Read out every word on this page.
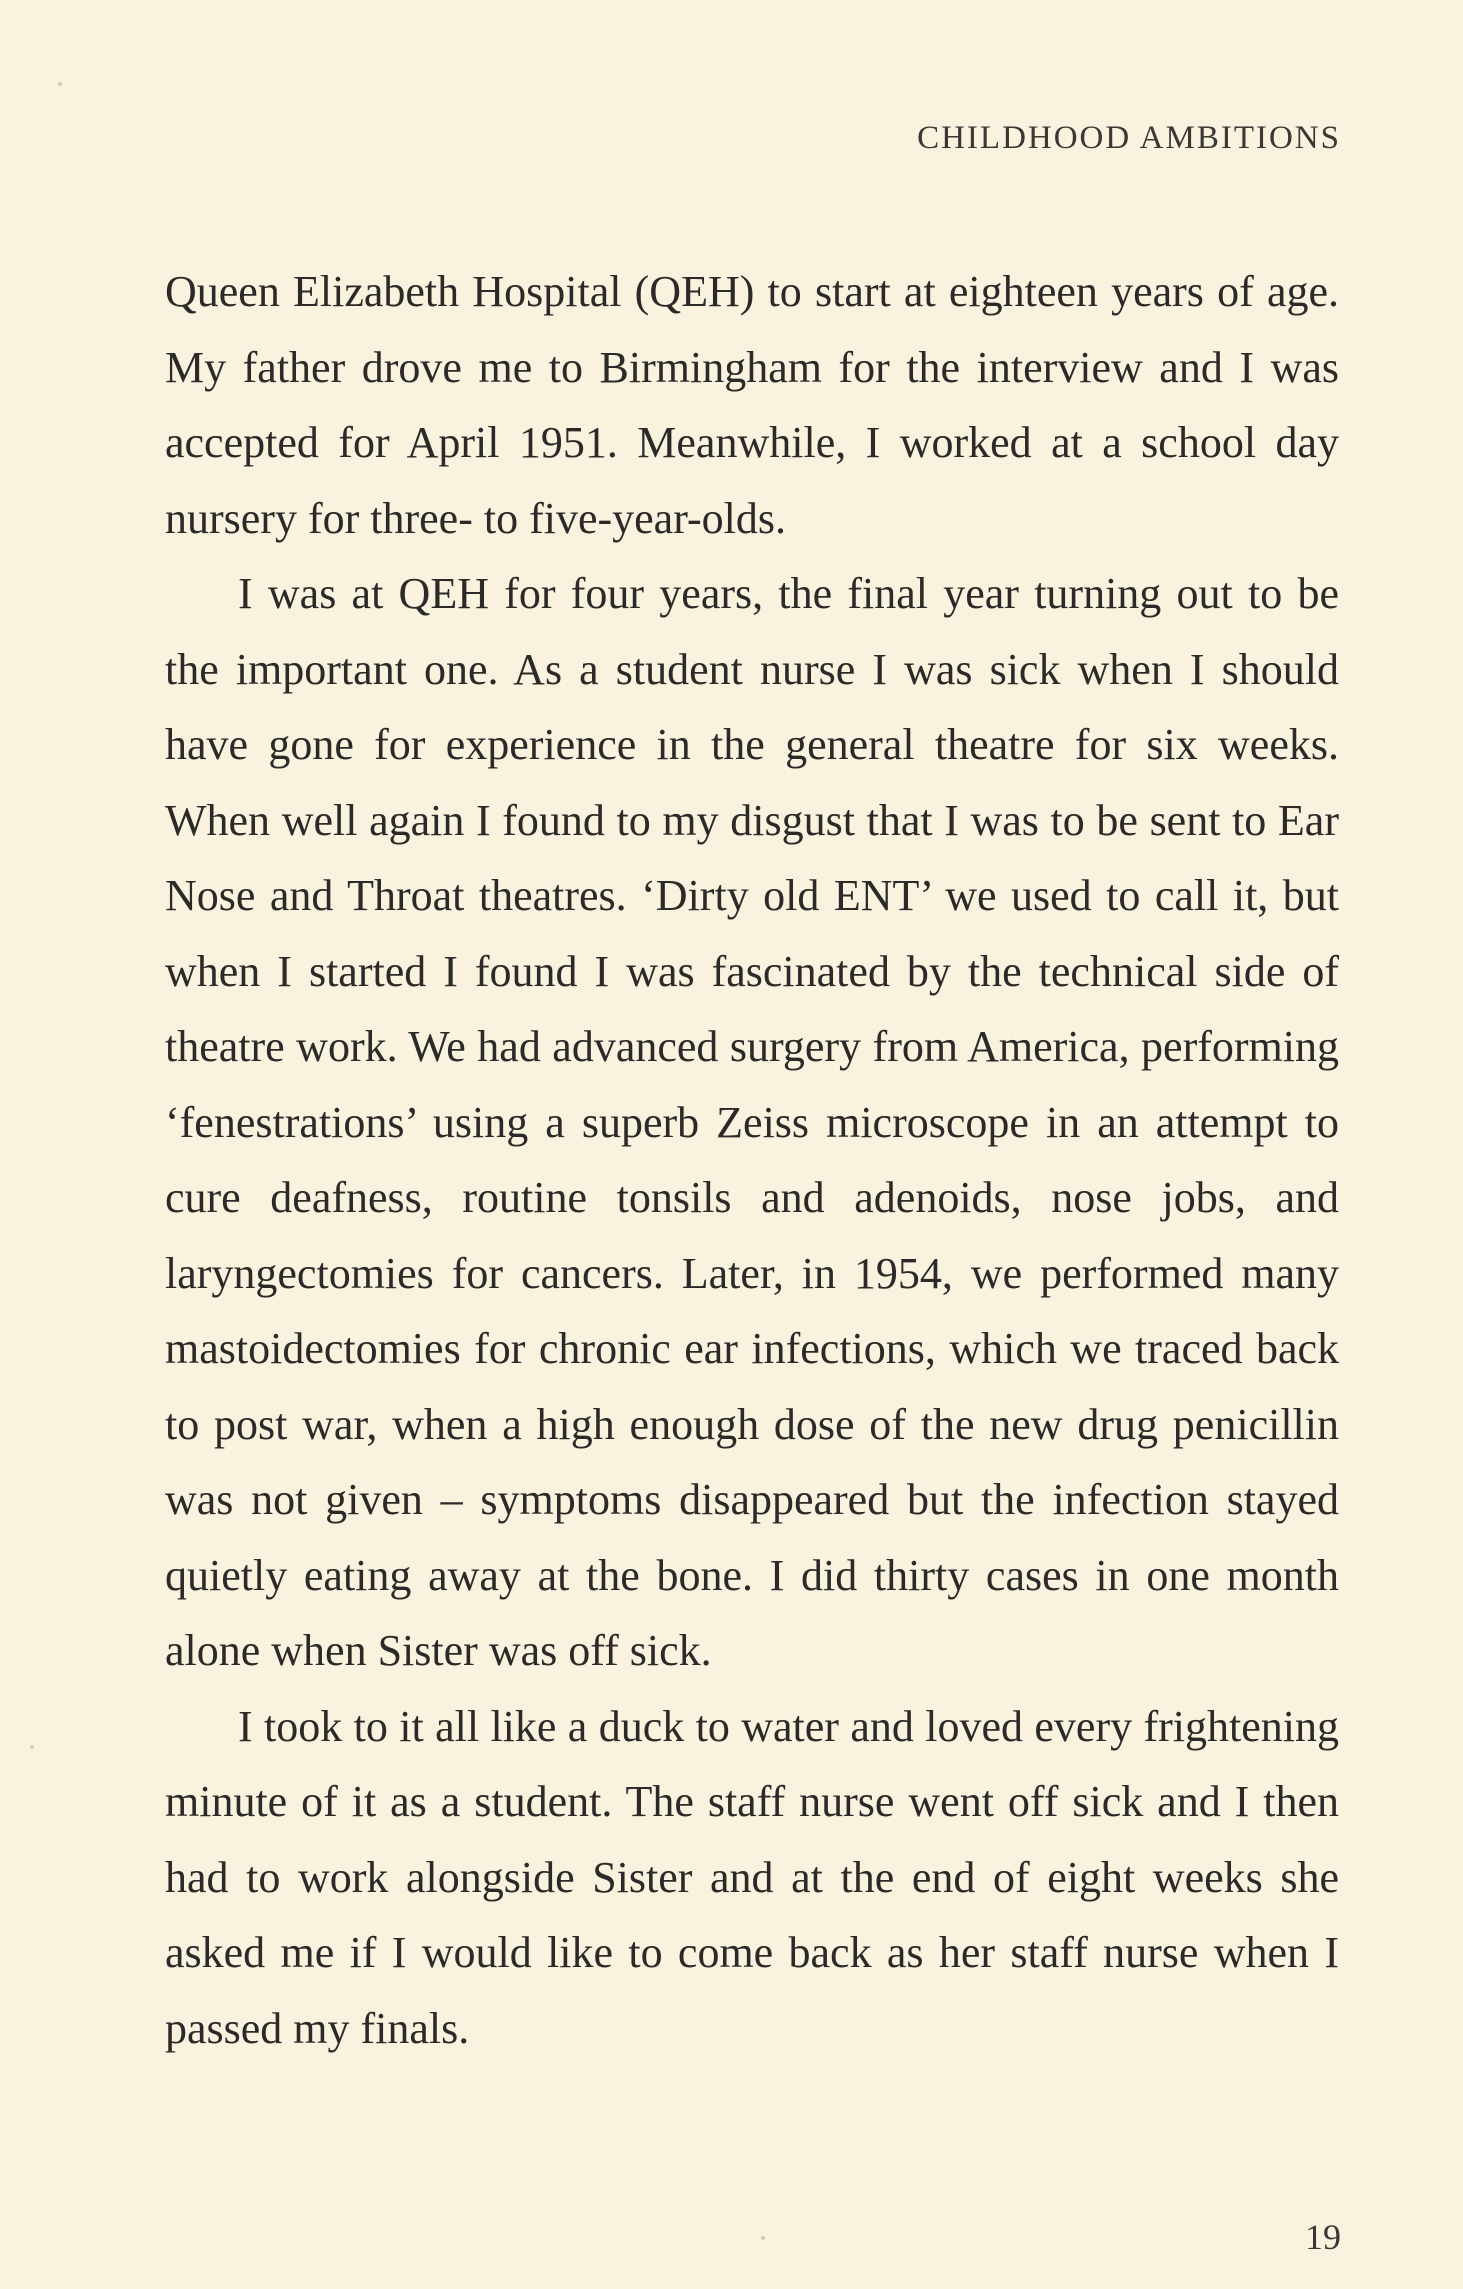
CHILDHOOD AMBITIONS

Queen Elizabeth Hospital (QEH) to start at eighteen years of age. My father drove me to Birmingham for the interview and I was accepted for April 1951. Meanwhile, I worked at a school day nursery for three- to five-year-olds.

I was at QEH for four years, the final year turning out to be the important one. As a student nurse I was sick when I should have gone for experience in the general theatre for six weeks. When well again I found to my disgust that I was to be sent to Ear Nose and Throat theatres. ‘Dirty old ENT’ we used to call it, but when I started I found I was fascinated by the technical side of theatre work. We had advanced surgery from America, performing ‘fenestrations’ using a superb Zeiss microscope in an attempt to cure deafness, routine tonsils and adenoids, nose jobs, and laryngectomies for cancers. Later, in 1954, we performed many mastoidectomies for chronic ear infections, which we traced back to post war, when a high enough dose of the new drug penicillin was not given – symptoms disappeared but the infection stayed quietly eating away at the bone. I did thirty cases in one month alone when Sister was off sick.

I took to it all like a duck to water and loved every frightening minute of it as a student. The staff nurse went off sick and I then had to work alongside Sister and at the end of eight weeks she asked me if I would like to come back as her staff nurse when I passed my finals.

19
